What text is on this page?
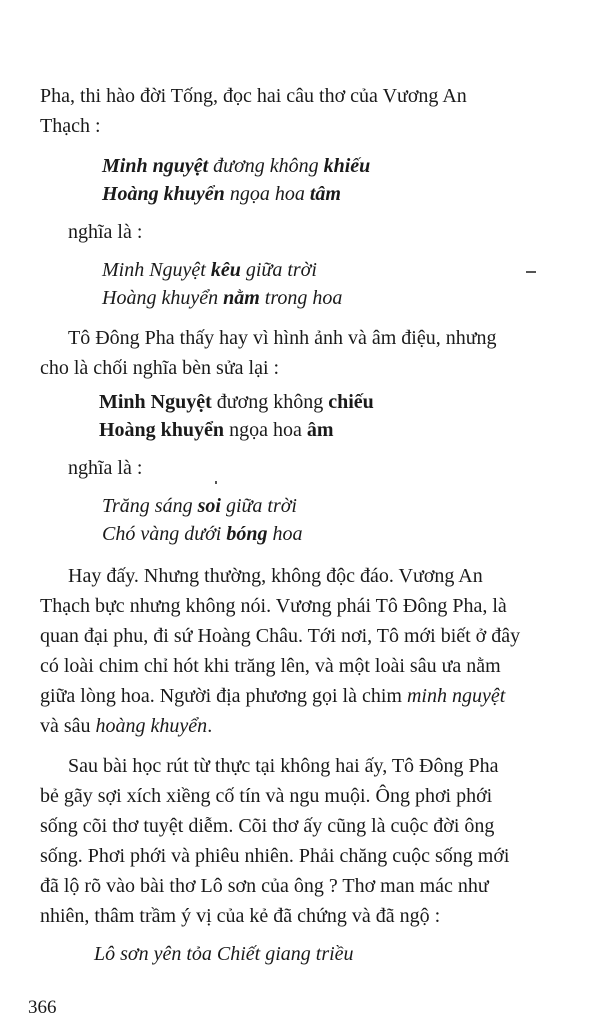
Pha, thi hào đời Tống, đọc hai câu thơ của Vương An
Thạch :
Minh nguyệt đương không khiếu
Hoàng khuyển ngọa hoa tâm
nghĩa là :
Minh Nguyệt kêu giữa trời
Hoàng khuyển nằm trong hoa
Tô Đông Pha thấy hay vì hình ảnh và âm điệu, nhưng
cho là chối nghĩa bèn sửa lại :
Minh Nguyệt đương không chiếu
Hoàng khuyển ngọa hoa âm
nghĩa là :
Trăng sáng soi giữa trời
Chó vàng dưới bóng hoa
Hay đấy. Nhưng thường, không độc đáo. Vương An
Thạch bực nhưng không nói. Vương phái Tô Đông Pha, là
quan đại phu, đi sứ Hoàng Châu. Tới nơi, Tô mới biết ở đây
có loài chim chỉ hót khi trăng lên, và một loài sâu ưa nằm
giữa lòng hoa. Người địa phương gọi là chim minh nguyệt
và sâu hoàng khuyển.
Sau bài học rút từ thực tại không hai ấy, Tô Đông Pha
bẻ gãy sợi xích xiềng cố tín và ngu muội. Ông phơi phới
sống cõi thơ tuyệt diễm. Cõi thơ ấy cũng là cuộc đời ông
sống. Phơi phới và phiêu nhiên. Phải chăng cuộc sống mới
đã lộ rõ vào bài thơ Lô sơn của ông ? Thơ man mác như
nhiên, thâm trầm ý vị của kẻ đã chứng và đã ngộ :
Lô sơn yên tỏa Chiết giang triều
366
